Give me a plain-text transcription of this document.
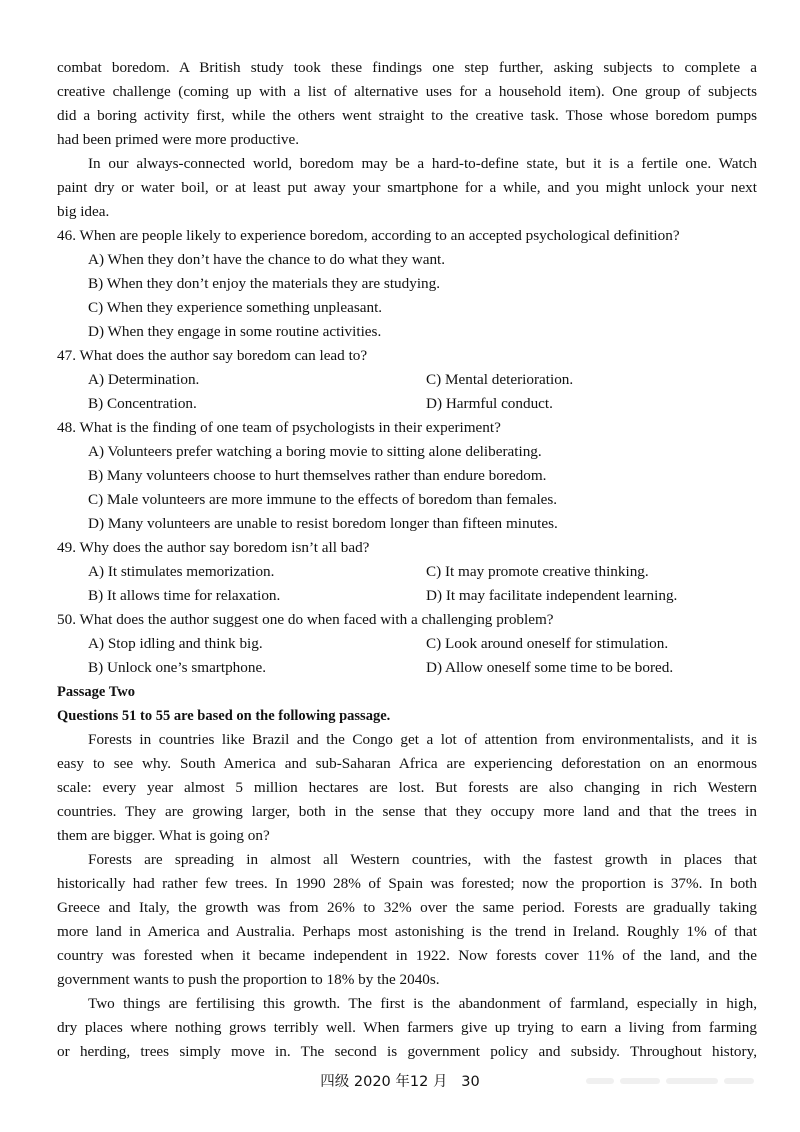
combat boredom. A British study took these findings one step further, asking subjects to complete a
creative challenge (coming up with a list of alternative uses for a household item). One group of subjects
did a boring activity first, while the others went straight to the creative task. Those whose boredom pumps
had been primed were more productive.
In our always-connected world, boredom may be a hard-to-define state, but it is a fertile one. Watch
paint dry or water boil, or at least put away your smartphone for a while, and you might unlock your next
big idea.
46. When are people likely to experience boredom, according to an accepted psychological definition?
A) When they don’t have the chance to do what they want.
B) When they don’t enjoy the materials they are studying.
C) When they experience something unpleasant.
D) When they engage in some routine activities.
47. What does the author say boredom can lead to?
A) Determination.	C) Mental deterioration.
B) Concentration.	D) Harmful conduct.
48. What is the finding of one team of psychologists in their experiment?
A) Volunteers prefer watching a boring movie to sitting alone deliberating.
B) Many volunteers choose to hurt themselves rather than endure boredom.
C) Male volunteers are more immune to the effects of boredom than females.
D) Many volunteers are unable to resist boredom longer than fifteen minutes.
49. Why does the author say boredom isn’t all bad?
A) It stimulates memorization.	C) It may promote creative thinking.
B) It allows time for relaxation.	D) It may facilitate independent learning.
50. What does the author suggest one do when faced with a challenging problem?
A) Stop idling and think big.	C) Look around oneself for stimulation.
B) Unlock one’s smartphone.	D) Allow oneself some time to be bored.
Passage Two
Questions 51 to 55 are based on the following passage.
Forests in countries like Brazil and the Congo get a lot of attention from environmentalists, and it is
easy to see why. South America and sub-Saharan Africa are experiencing deforestation on an enormous
scale: every year almost 5 million hectares are lost. But forests are also changing in rich Western
countries. They are growing larger, both in the sense that they occupy more land and that the trees in
them are bigger. What is going on?
Forests are spreading in almost all Western countries, with the fastest growth in places that
historically had rather few trees. In 1990 28% of Spain was forested; now the proportion is 37%. In both
Greece and Italy, the growth was from 26% to 32% over the same period. Forests are gradually taking
more land in America and Australia. Perhaps most astonishing is the trend in Ireland. Roughly 1% of that
country was forested when it became independent in 1922. Now forests cover 11% of the land, and the
government wants to push the proportion to 18% by the 2040s.
Two things are fertilising this growth. The first is the abandonment of farmland, especially in high,
dry places where nothing grows terribly well. When farmers give up trying to earn a living from farming
or herding, trees simply move in. The second is government policy and subsidy. Throughout history,
四级 2020 年12 月   30
